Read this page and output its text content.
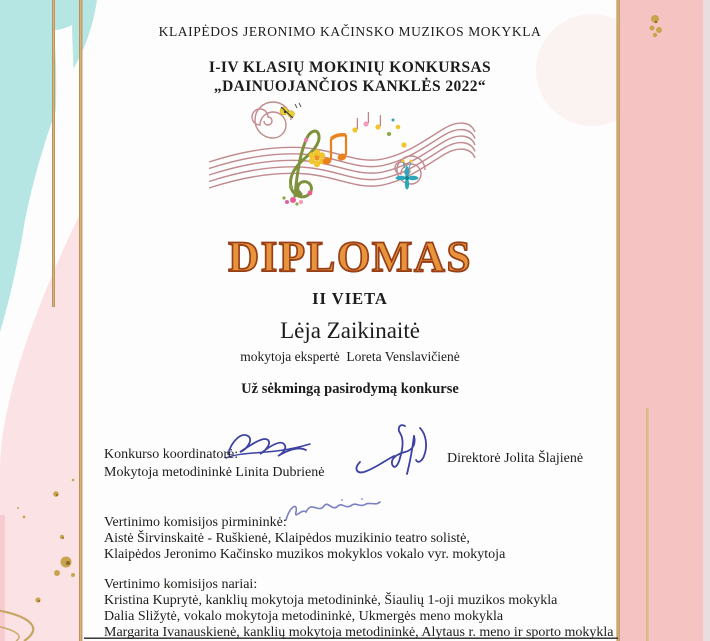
KLAIPĖDOS JERONIMO KAČINSKO MUZIKOS MOKYKLA
I-IV KLASIŲ MOKINIŲ KONKURSAS
„DAINUOJANČIOS KANKLĖS 2022“
DIPLOMAS
II VIETA
Lėja Zaikinaitė
mokytoja ekspertė  Loreta Venslavičienė
Už sėkmingą pasirodymą konkurse
Konkurso koordinatorė:
Mokytoja metodininkė Linita Dubrienė
Direktorė Jolita Šlajienė
Vertinimo komisijos pirmininkė:
Aistė Širvinskaitė - Ruškienė, Klaipėdos muzikinio teatro solistė,
Klaipėdos Jeronimo Kačinsko muzikos mokyklos vokalo vyr. mokytoja
Vertinimo komisijos nariai:
Kristina Kuprytė, kanklių mokytoja metodininkė, Šiaulių 1-oji muzikos mokykla
Dalia Sližytė, vokalo mokytoja metodininkė, Ukmergės meno mokykla
Margarita Ivanauskienė, kanklių mokytoja metodininkė, Alytaus r. meno ir sporto mokykla
